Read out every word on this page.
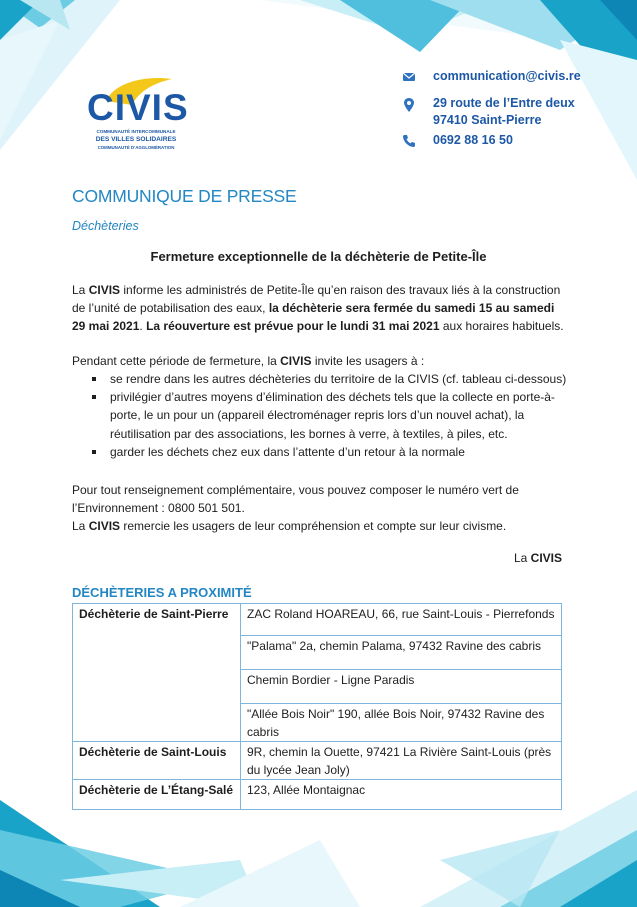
CIVIS
COMMUNAUTÉ INTERCOMMUNALE
DES VILLES SOLIDAIRES
COMMUNAUTÉ D'AGGLOMÉRATION
communication@civis.re
29 route de l’Entre deux
97410 Saint-Pierre
0692 88 16 50
COMMUNIQUE DE PRESSE
Déchèteries
Fermeture exceptionnelle de la déchèterie de Petite-Île
La CIVIS informe les administrés de Petite-Île qu’en raison des travaux liés à la construction de l’unité de potabilisation des eaux, la déchèterie sera fermée du samedi 15 au samedi 29 mai 2021. La réouverture est prévue pour le lundi 31 mai 2021 aux horaires habituels.
Pendant cette période de fermeture, la CIVIS invite les usagers à :
se rendre dans les autres déchèteries du territoire de la CIVIS (cf. tableau ci-dessous)
privilégier d’autres moyens d’élimination des déchets tels que la collecte en porte-à-porte, le un pour un (appareil électroménager repris lors d’un nouvel achat), la réutilisation par des associations, les bornes à verre, à textiles, à piles, etc.
garder les déchets chez eux dans l’attente d’un retour à la normale
Pour tout renseignement complémentaire, vous pouvez composer le numéro vert de l’Environnement : 0800 501 501.
La CIVIS remercie les usagers de leur compréhension et compte sur leur civisme.
La CIVIS
DÉCHÈTERIES A PROXIMITÉ
Déchèterie de Saint-Pierre	ZAC Roland HOAREAU, 66, rue Saint-Louis - Pierrefonds
	"Palama" 2a, chemin Palama, 97432 Ravine des cabris
	Chemin Bordier - Ligne Paradis
	"Allée Bois Noir" 190, allée Bois Noir, 97432 Ravine des cabris
Déchèterie de Saint-Louis	9R, chemin la Ouette, 97421 La Rivière Saint-Louis (près du lycée Jean Joly)
Déchèterie de L’Étang-Salé	123, Allée Montaignac
